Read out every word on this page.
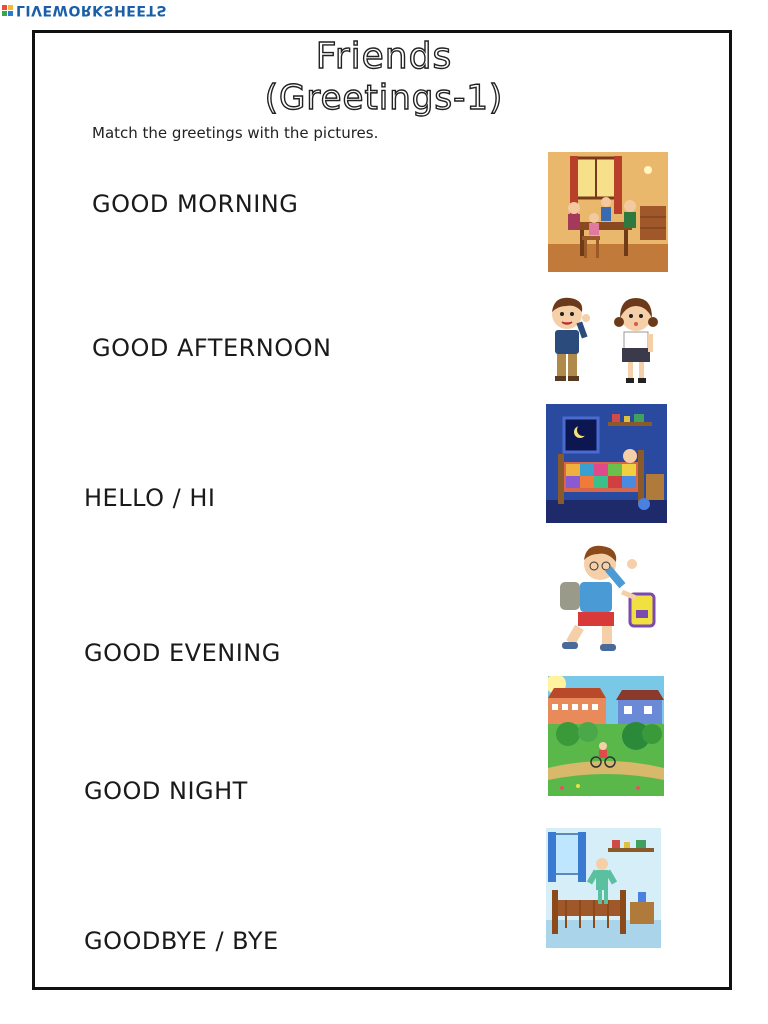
LIVEWORKSHEETS
Friends
(Greetings-1)
Match the greetings with the pictures.
GOOD MORNING
GOOD AFTERNOON
HELLO / HI
GOOD EVENING
GOOD NIGHT
GOODBYE / BYE
